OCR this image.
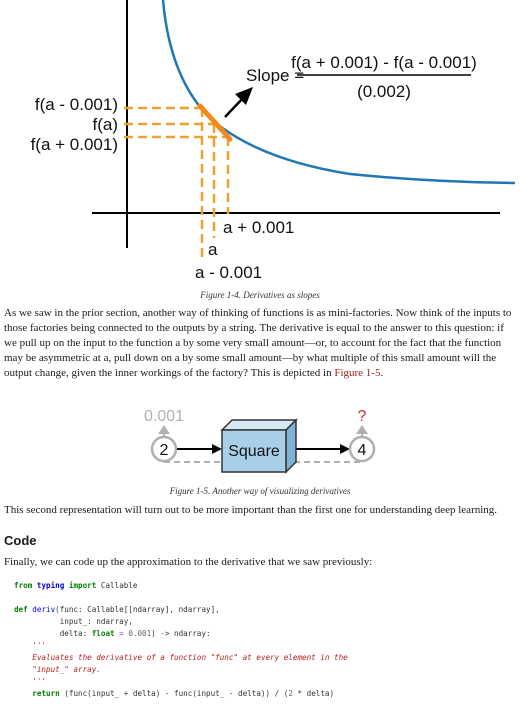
f(a - 0.001)
f(a)
f(a + 0.001)
Slope =
f(a + 0.001) - f(a - 0.001)
(0.002)
a + 0.001
a
a - 0.001
Figure 1-4. Derivatives as slopes

As we saw in the prior section, another way of thinking of functions is as mini-factories. Now think of the inputs to those factories being connected to the outputs by a string. The derivative is equal to the answer to this question: if we pull up on the input to the function a by some very small amount—or, to account for the fact that the function may be asymmetric at a, pull down on a by some small amount—by what multiple of this small amount will the output change, given the inner workings of the factory? This is depicted in Figure 1-5.

0.001	?
2	Square	4
Figure 1-5. Another way of visualizing derivatives

This second representation will turn out to be more important than the first one for understanding deep learning.

Code

Finally, we can code up the approximation to the derivative that we saw previously:

from typing import Callable

def deriv(func: Callable[[ndarray], ndarray],
input_: ndarray,
delta: float = 0.001) -> ndarray:
'''
Evaluates the derivative of a function "func" at every element in the
"input_" array.
'''
return (func(input_ + delta) - func(input_ - delta)) / (2 * delta)
